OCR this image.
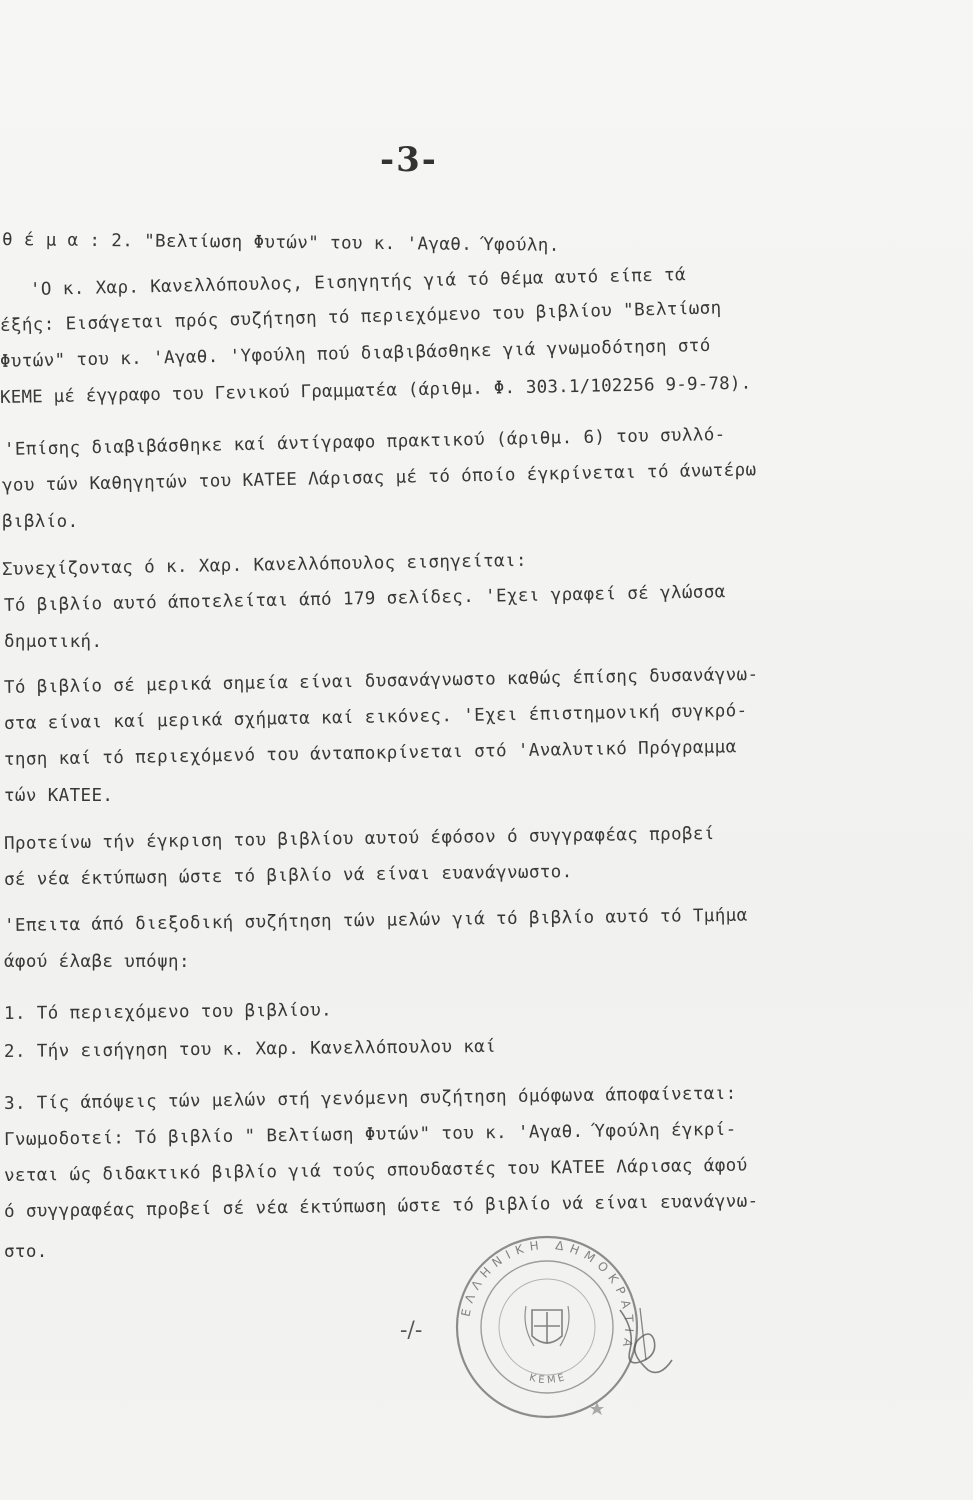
-3-
θ έ μ α : 2. "Βελτίωση Φυτών" του κ. 'Αγαθ. Ύφούλη.
'Ο κ. Χαρ. Κανελλόπουλος, Εισηγητής γιά τό θέμα αυτό είπε τά
έξής: Εισάγεται πρός συζήτηση τό περιεχόμενο του βιβλίου "Βελτίωση
Φυτών" του κ. 'Αγαθ. 'Υφούλη πού διαβιβάσθηκε γιά γνωμοδότηση στό
ΚΕΜΕ μέ έγγραφο του Γενικού Γραμματέα (άριθμ. Φ. 303.1/102256 9-9-78).
'Επίσης διαβιβάσθηκε καί άντίγραφο πρακτικού (άριθμ. 6) του συλλό-
γου τών Καθηγητών του ΚΑΤΕΕ Λάρισας μέ τό όποίο έγκρίνεται τό άνωτέρω
βιβλίο.
Συνεχίζοντας ό κ. Χαρ. Κανελλόπουλος εισηγείται:
Τό βιβλίο αυτό άποτελείται άπό 179 σελίδες. 'Εχει γραφεί σέ γλώσσα
δημοτική.
Τό βιβλίο σέ μερικά σημεία είναι δυσανάγνωστο καθώς έπίσης δυσανάγνω-
στα είναι καί μερικά σχήματα καί εικόνες. 'Εχει έπιστημονική συγκρό-
τηση καί τό περιεχόμενό του άνταποκρίνεται στό 'Αναλυτικό Πρόγραμμα
τών ΚΑΤΕΕ.
Προτείνω τήν έγκριση του βιβλίου αυτού έφόσον ό συγγραφέας προβεί
σέ νέα έκτύπωση ώστε τό βιβλίο νά είναι ευανάγνωστο.
'Επειτα άπό διεξοδική συζήτηση τών μελών γιά τό βιβλίο αυτό τό Τμήμα
άφού έλαβε υπόψη:
1. Τό περιεχόμενο του βιβλίου.
2. Τήν εισήγηση του κ. Χαρ. Κανελλόπουλου καί
3. Τίς άπόψεις τών μελών στή γενόμενη συζήτηση όμόφωνα άποφαίνεται:
Γνωμοδοτεί: Τό βιβλίο " Βελτίωση Φυτών" του κ. 'Αγαθ. Ύφούλη έγκρί-
νεται ώς διδακτικό βιβλίο γιά τούς σπουδαστές του ΚΑΤΕΕ Λάρισας άφού
ό συγγραφέας προβεί σέ νέα έκτύπωση ώστε τό βιβλίο νά είναι ευανάγνω-
στο.
-/-
ΕΛΛΗΝΙΚΗ ΔΗΜΟΚΡΑΤΙΑ
ΚΕΜΕ
